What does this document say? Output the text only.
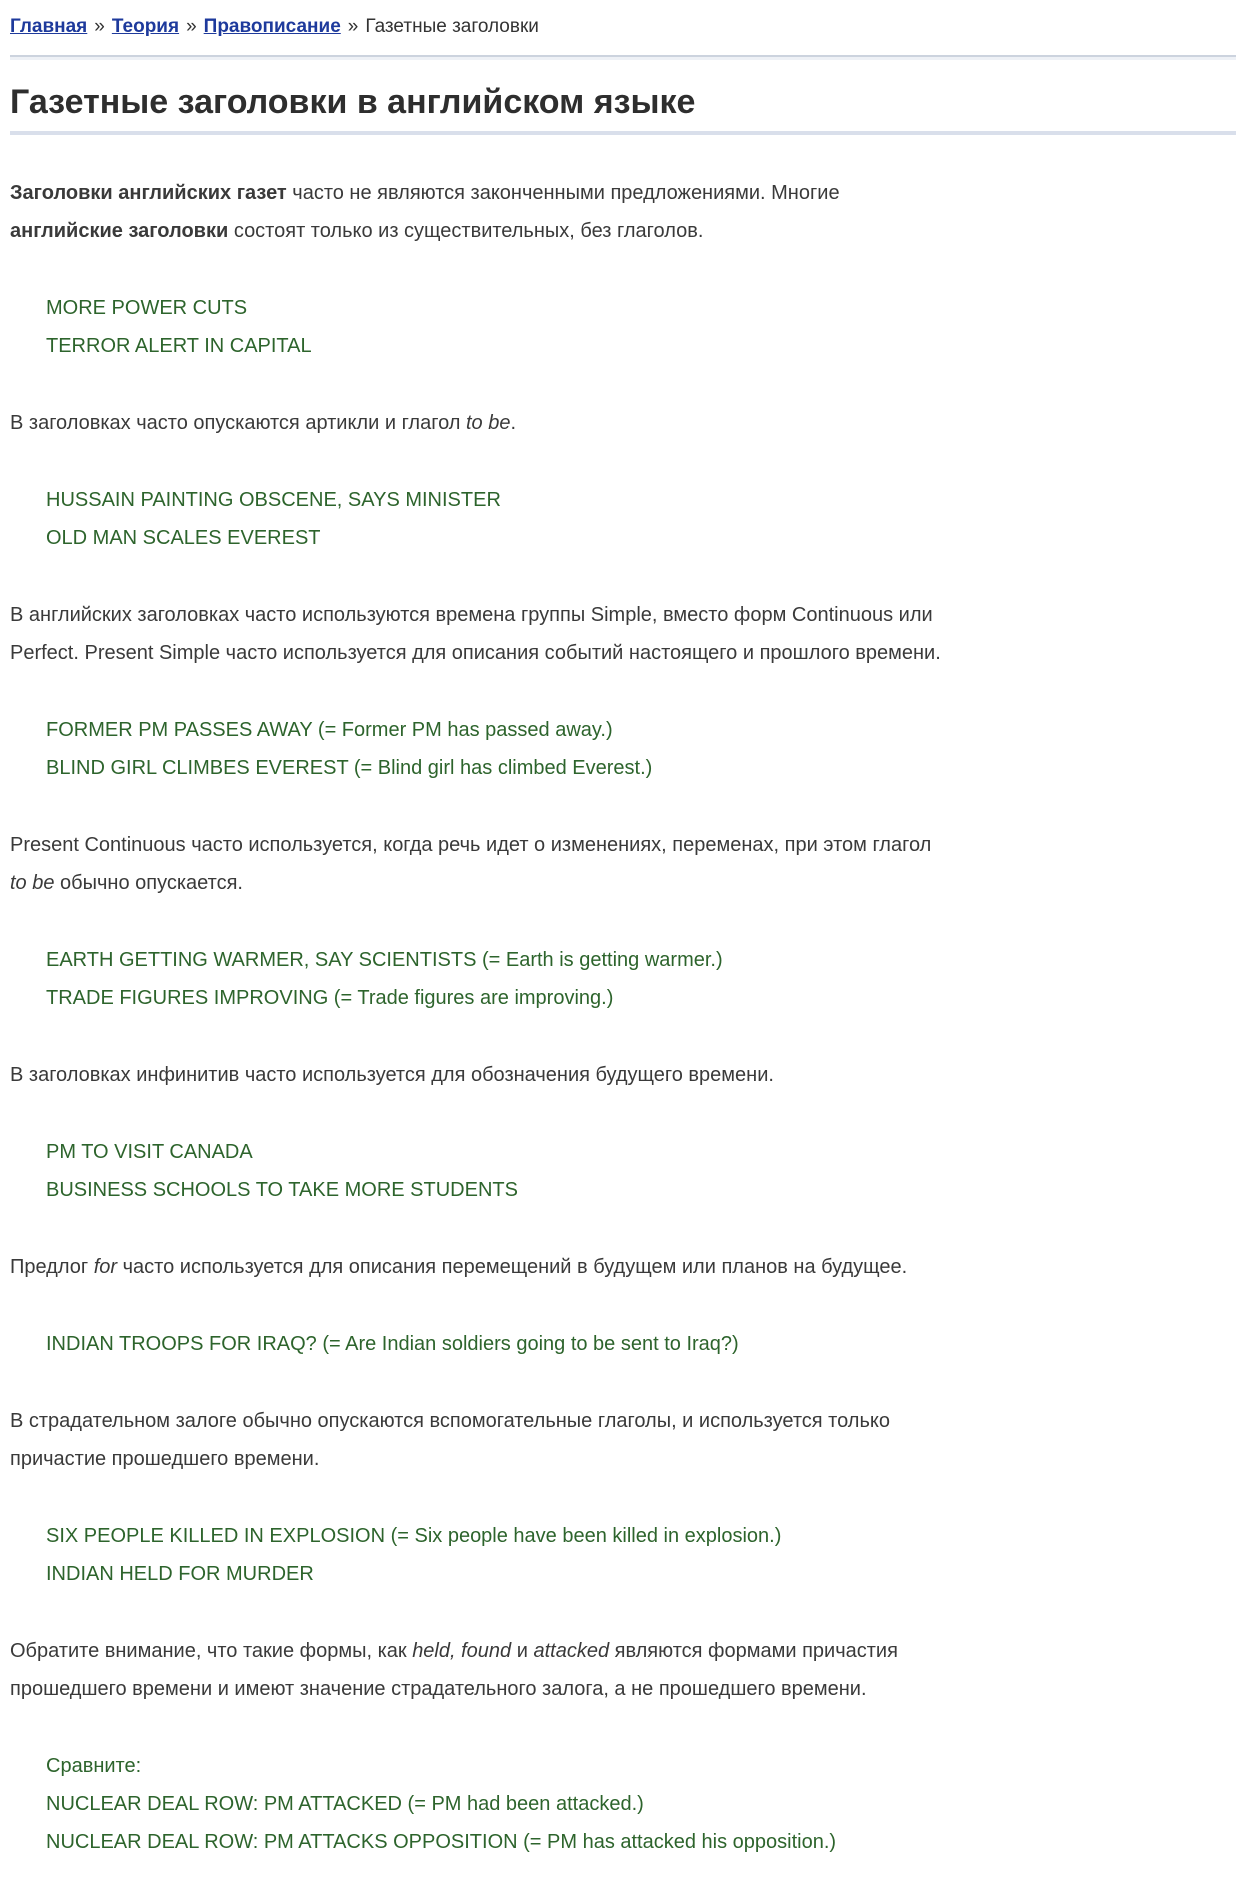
Главная » Теория » Правописание » Газетные заголовки
Газетные заголовки в английском языке

Заголовки английских газет часто не являются законченными предложениями. Многие
английские заголовки состоят только из существительных, без глаголов.

MORE POWER CUTS
TERROR ALERT IN CAPITAL

В заголовках часто опускаются артикли и глагол to be.

HUSSAIN PAINTING OBSCENE, SAYS MINISTER
OLD MAN SCALES EVEREST

В английских заголовках часто используются времена группы Simple, вместо форм Continuous или
Perfect. Present Simple часто используется для описания событий настоящего и прошлого времени.

FORMER PM PASSES AWAY (= Former PM has passed away.)
BLIND GIRL CLIMBES EVEREST (= Blind girl has climbed Everest.)

Present Continuous часто используется, когда речь идет о изменениях, переменах, при этом глагол
to be обычно опускается.

EARTH GETTING WARMER, SAY SCIENTISTS (= Earth is getting warmer.)
TRADE FIGURES IMPROVING (= Trade figures are improving.)

В заголовках инфинитив часто используется для обозначения будущего времени.

PM TO VISIT CANADA
BUSINESS SCHOOLS TO TAKE MORE STUDENTS

Предлог for часто используется для описания перемещений в будущем или планов на будущее.

INDIAN TROOPS FOR IRAQ? (= Are Indian soldiers going to be sent to Iraq?)

В страдательном залоге обычно опускаются вспомогательные глаголы, и используется только
причастие прошедшего времени.

SIX PEOPLE KILLED IN EXPLOSION (= Six people have been killed in explosion.)
INDIAN HELD FOR MURDER

Обратите внимание, что такие формы, как held, found и attacked являются формами причастия
прошедшего времени и имеют значение страдательного залога, а не прошедшего времени.

Сравните:
NUCLEAR DEAL ROW: PM ATTACKED (= PM had been attacked.)
NUCLEAR DEAL ROW: PM ATTACKS OPPOSITION (= PM has attacked his opposition.)
